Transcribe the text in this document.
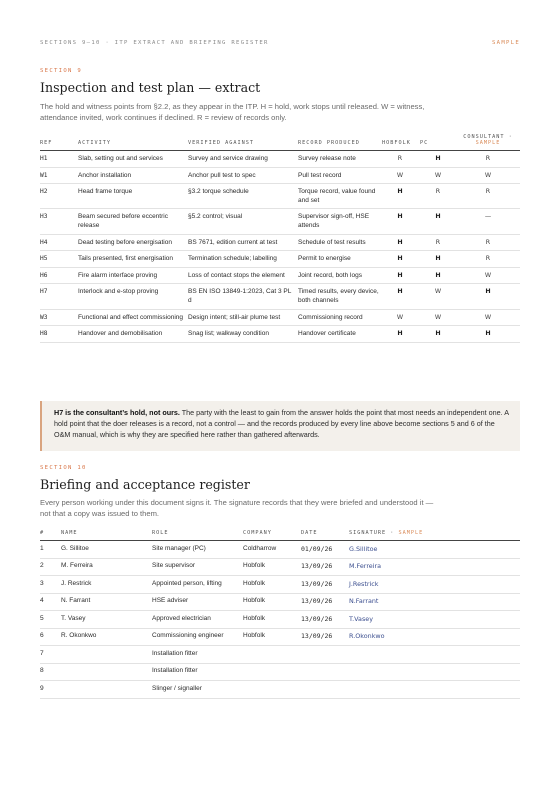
SECTIONS 9–10 · ITP EXTRACT AND BRIEFING REGISTER	SAMPLE
SECTION 9
Inspection and test plan — extract

The hold and witness points from §2.2, as they appear in the ITP. H = hold, work stops until released. W = witness, attendance invited, work continues if declined. R = review of records only.

REF	ACTIVITY	VERIFIED AGAINST	RECORD PRODUCED	HOBFOLK	PC	CONSULTANT ·
SAMPLE
H1	Slab, setting out and services	Survey and service drawing	Survey release note	R	H	R
W1	Anchor installation	Anchor pull test to spec	Pull test record	W	W	W
H2	Head frame torque	§3.2 torque schedule	Torque record, value found and set	H	R	R
H3	Beam secured before eccentric release	§5.2 control; visual	Supervisor sign-off, HSE attends	H	H	—
H4	Dead testing before energisation	BS 7671, edition current at test	Schedule of test results	H	R	R
H5	Tails presented, first energisation	Termination schedule; labelling	Permit to energise	H	H	R
H6	Fire alarm interface proving	Loss of contact stops the element	Joint record, both logs	H	H	W
H7	Interlock and e-stop proving	BS EN ISO 13849-1:2023, Cat 3 PL d	Timed results, every device, both channels	H	W	H
W3	Functional and effect commissioning	Design intent; still-air plume test	Commissioning record	W	W	W
H8	Handover and demobilisation	Snag list; walkway condition	Handover certificate	H	H	H
H7 is the consultant’s hold, not ours. The party with the least to gain from the answer holds the point that most needs an independent one. A hold point that the doer releases is a record, not a control — and the records produced by every line above become sections 5 and 6 of the O&M manual, which is why they are specified here rather than gathered afterwards.
SECTION 10
Briefing and acceptance register

Every person working under this document signs it. The signature records that they were briefed and understood it — not that a copy was issued to them.

#	NAME	ROLE	COMPANY	DATE	SIGNATURE · SAMPLE
1	G. Sillitoe	Site manager (PC)	Coldharrow	01/09/26	G.Sillitoe
2	M. Ferreira	Site supervisor	Hobfolk	13/09/26	M.Ferreira
3	J. Restrick	Appointed person, lifting	Hobfolk	13/09/26	J.Restrick
4	N. Farrant	HSE adviser	Hobfolk	13/09/26	N.Farrant
5	T. Vasey	Approved electrician	Hobfolk	13/09/26	T.Vasey
6	R. Okonkwo	Commissioning engineer	Hobfolk	13/09/26	R.Okonkwo
7		Installation fitter			
8		Installation fitter			
9		Slinger / signaller			
